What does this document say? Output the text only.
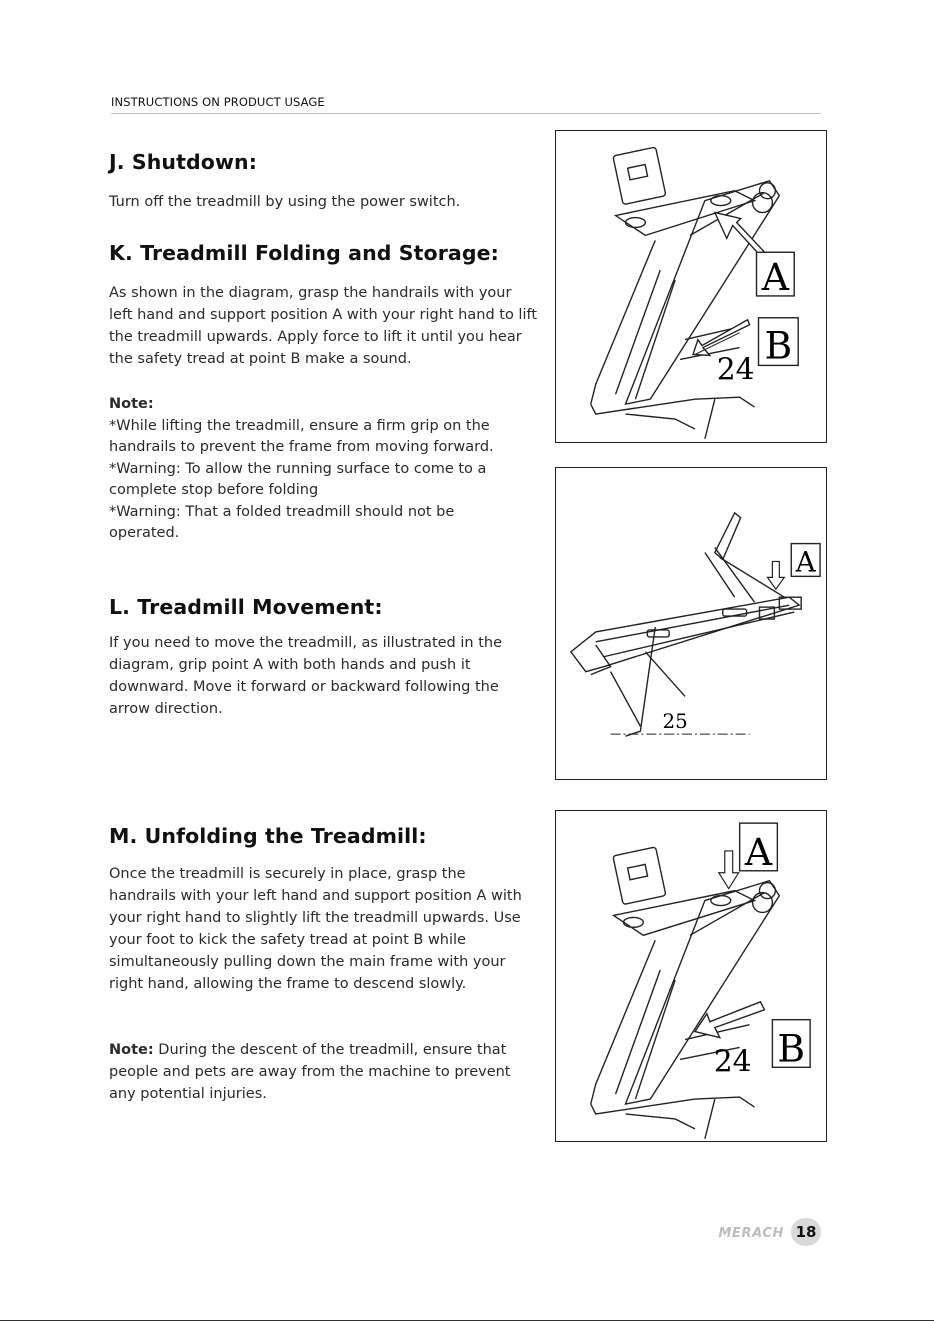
INSTRUCTIONS ON PRODUCT USAGE
J. Shutdown:

Turn off the treadmill by using the power switch.

K. Treadmill Folding and Storage:

As shown in the diagram, grasp the handrails with your left hand and support position A with your right hand to lift the treadmill upwards. Apply force to lift it until you hear the safety tread at point B make a sound.

Note:
*While lifting the treadmill, ensure a firm grip on the handrails to prevent the frame from moving forward.
*Warning: To allow the running surface to come to a complete stop before folding
*Warning: That a folded treadmill should not be operated.
L. Treadmill Movement:

If you need to move the treadmill, as illustrated in the diagram, grip point A with both hands and push it downward. Move it forward or backward following the arrow direction.

M. Unfolding the Treadmill:

Once the treadmill is securely in place, grasp the handrails with your left hand and support position A with your right hand to slightly lift the treadmill upwards. Use your foot to kick the safety tread at point B while simultaneously pulling down the main frame with your right hand, allowing the frame to descend slowly.

Note: During the descent of the treadmill, ensure that people and pets are away from the machine to prevent any potential injuries.

A
B
24
A
25
A
B
24
MERACH 18
